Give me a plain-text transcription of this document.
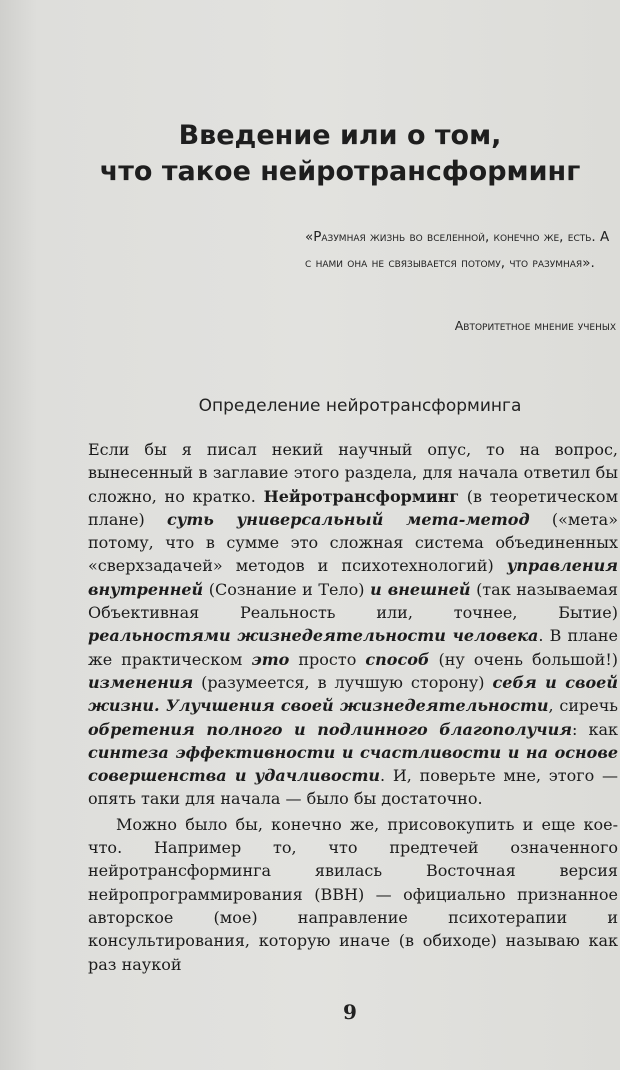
Введение или о том,
что такое нейротрансформинг
«Разумная жизнь во вселенной, конечно же, есть. А с нами она не связывается потому, что разумная».
Авторитетное мнение ученых
Определение нейротрансформинга

Если бы я писал некий научный опус, то на вопрос, вынесенный в заглавие этого раздела, для начала ответил бы сложно, но кратко. Нейротрансформинг (в теоретическом плане) суть универсальный мета-метод («мета» потому, что в сумме это сложная система объединенных «сверхзадачей» методов и психотехнологий) управления внутренней (Сознание и Тело) и внешней (так называемая Объективная Реальность или, точнее, Бытие) реальностями жизнедеятельности человека. В плане же практическом это просто способ (ну очень большой!) изменения (разумеется, в лучшую сторону) себя и своей жизни. Улучшения своей жизнедеятельности, сиречь обретения полного и подлинного благополучия: как синтеза эффективности и счастливости и на основе совершенства и удачливости. И, поверьте мне, этого — опять таки для начала — было бы достаточно.

Можно было бы, конечно же, присовокупить и еще кое-что. Например то, что предтечей означенного нейротрансформинга явилась Восточная версия нейропрограммирования (ВВН) — официально признанное авторское (мое) направление психотерапии и консультирования, которую иначе (в обиходе) называю как раз наукой

9
